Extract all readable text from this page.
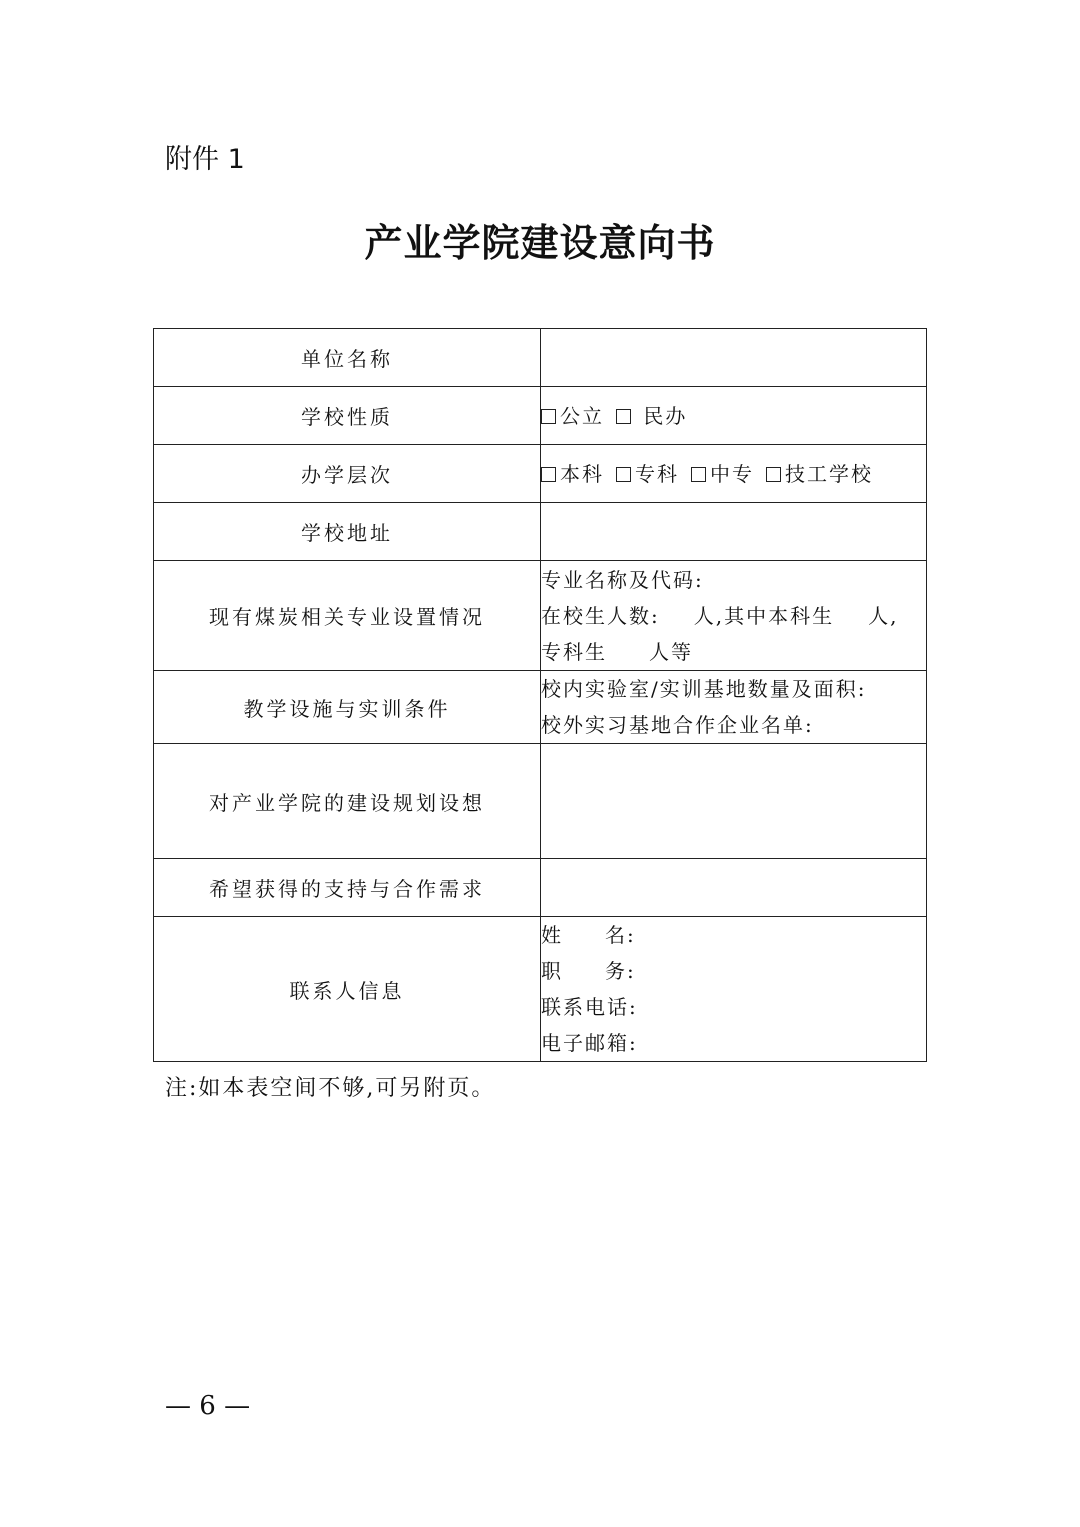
附件 1
产业学院建设意向书
单位名称	
学校性质	公立 民办
办学层次	本科 专科 中专 技工学校
学校地址	
现有煤炭相关专业设置情况	专业名称及代码:
在校生人数: 人,其中本科生 人,
专科生 人等

教学设施与实训条件	校内实验室/实训基地数量及面积:
校外实习基地合作企业名单:

对产业学院的建设规划设想	
希望获得的支持与合作需求	
联系人信息	姓 名:
职 务:
联系电话:
电子邮箱:
注:如本表空间不够,可另附页。
— 6 —
